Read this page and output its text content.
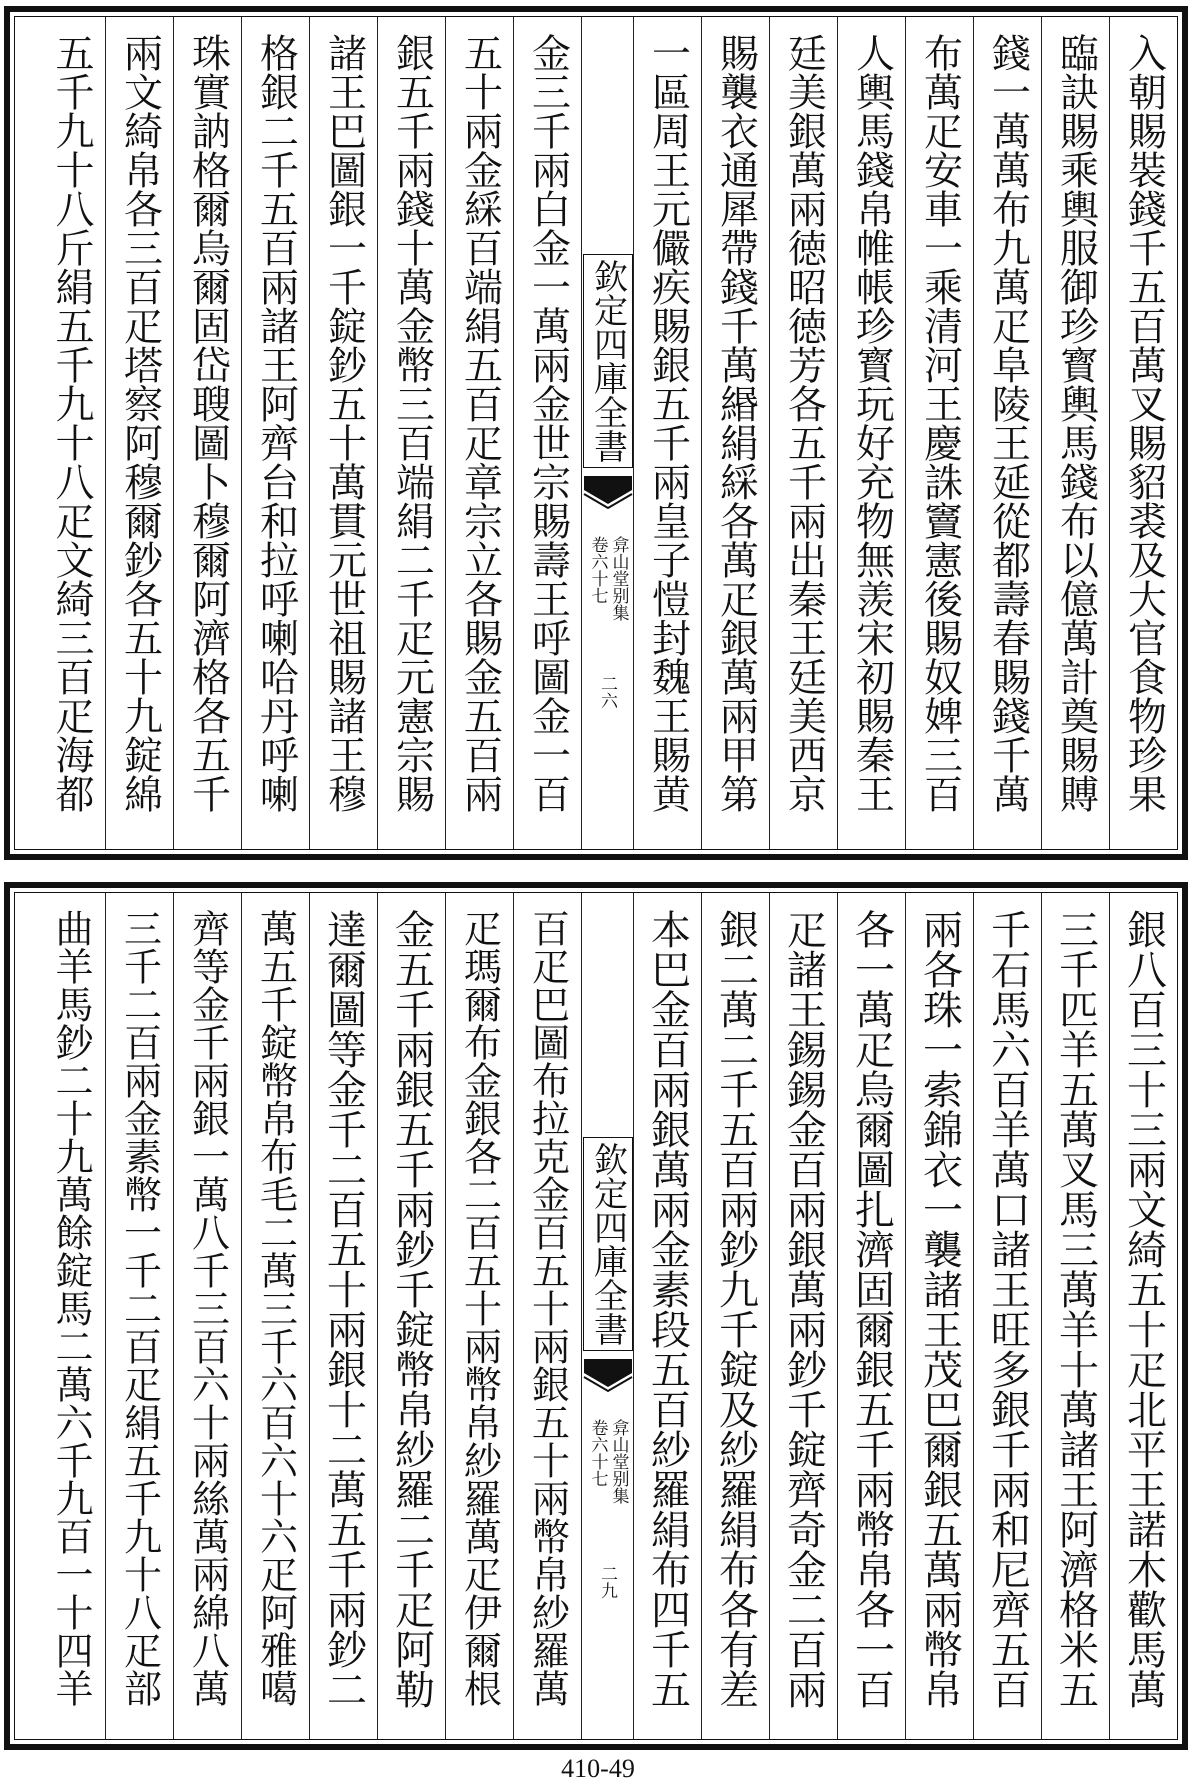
入朝賜裝錢千五百萬叉賜貂裘及大官食物珍果
臨訣賜乘輿服御珍寳輿馬錢布以億萬計奠賜賻
錢一萬萬布九萬疋阜陵王延從都壽春賜錢千萬
布萬疋安車一乘清河王慶誅竇憲後賜奴婢三百
人輿馬錢帛帷帳珍寳玩好充物無羡宋初賜秦王
廷美銀萬兩徳昭徳芳各五千兩出秦王廷美西京
賜襲衣通犀帶錢千萬緡絹綵各萬疋銀萬兩甲第
一區周王元儼疾賜銀五千兩皇子愷封魏王賜黄
欽定四庫全書
弇山堂别集
卷六十七
二六
金三千兩白金一萬兩金世宗賜壽王呼圖金一百
五十兩金綵百端絹五百疋章宗立各賜金五百兩
銀五千兩錢十萬金幣三百端絹二千疋元憲宗賜
諸王巴圖銀一千錠鈔五十萬貫元世祖賜諸王穆
格銀二千五百兩諸王阿齊台和拉呼喇哈丹呼喇
珠實訥格爾烏爾固岱䏂圖卜穆爾阿濟格各五千
兩文綺帛各三百疋塔察阿穆爾鈔各五十九錠綿
五千九十八斤絹五千九十八疋文綺三百疋海都
銀八百三十三兩文綺五十疋北平王諾木歡馬萬
三千匹羊五萬叉馬三萬羊十萬諸王阿濟格米五
千石馬六百羊萬口諸王旺多銀千兩和尼齊五百
兩各珠一索錦衣一襲諸王茂巴爾銀五萬兩幣帛
各一萬疋烏爾圖扎濟固爾銀五千兩幣帛各一百
疋諸王錫錫金百兩銀萬兩鈔千錠齊奇金二百兩
銀二萬二千五百兩鈔九千錠及紗羅絹布各有差
本巴金百兩銀萬兩金素段五百紗羅絹布四千五
欽定四庫全書
弇山堂别集
卷六十七
二九
百疋巴圖布拉克金百五十兩銀五十兩幣帛紗羅萬
疋瑪爾布金銀各二百五十兩幣帛紗羅萬疋伊爾根
金五千兩銀五千兩鈔千錠幣帛紗羅二千疋阿勒
達爾圖等金千二百五十兩銀十二萬五千兩鈔二
萬五千錠幣帛布毛二萬三千六百六十六疋阿雅噶
齊等金千兩銀一萬八千三百六十兩絲萬兩綿八萬
三千二百兩金素幣一千二百疋絹五千九十八疋部
曲羊馬鈔二十九萬餘錠馬二萬六千九百一十四羊
410-49
